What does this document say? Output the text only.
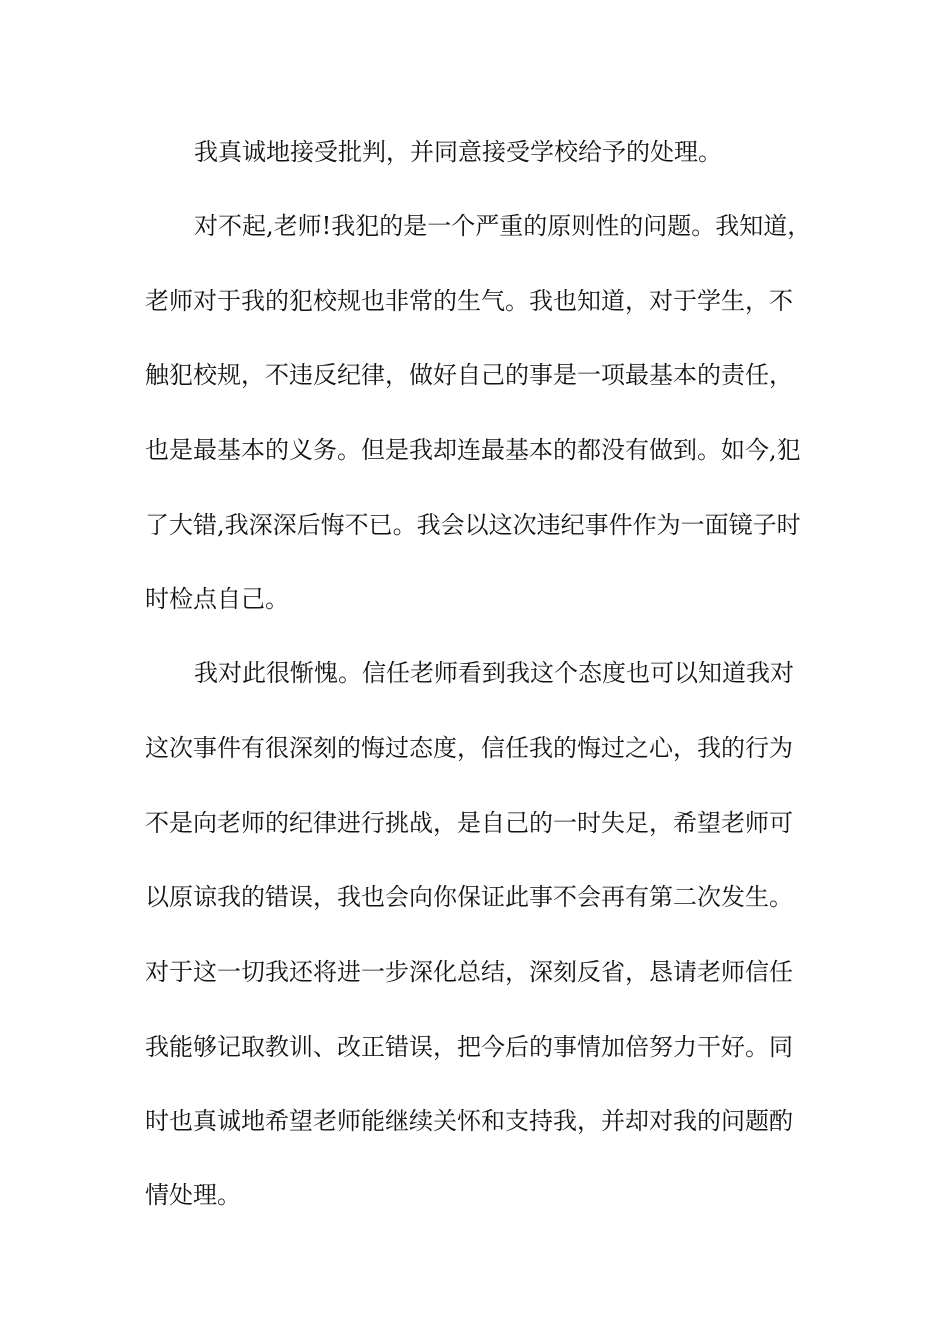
我真诚地接受批判，并同意接受学校给予的处理。
对不起,老师!我犯的是一个严重的原则性的问题。我知道，
老师对于我的犯校规也非常的生气。我也知道，对于学生，不
触犯校规，不违反纪律，做好自己的事是一项最基本的责任，
也是最基本的义务。但是我却连最基本的都没有做到。如今,犯
了大错,我深深后悔不已。我会以这次违纪事件作为一面镜子时
时检点自己。
我对此很惭愧。信任老师看到我这个态度也可以知道我对
这次事件有很深刻的悔过态度，信任我的悔过之心，我的行为
不是向老师的纪律进行挑战，是自己的一时失足，希望老师可
以原谅我的错误，我也会向你保证此事不会再有第二次发生。
对于这一切我还将进一步深化总结，深刻反省，恳请老师信任
我能够记取教训、改正错误，把今后的事情加倍努力干好。同
时也真诚地希望老师能继续关怀和支持我，并却对我的问题酌
情处理。
